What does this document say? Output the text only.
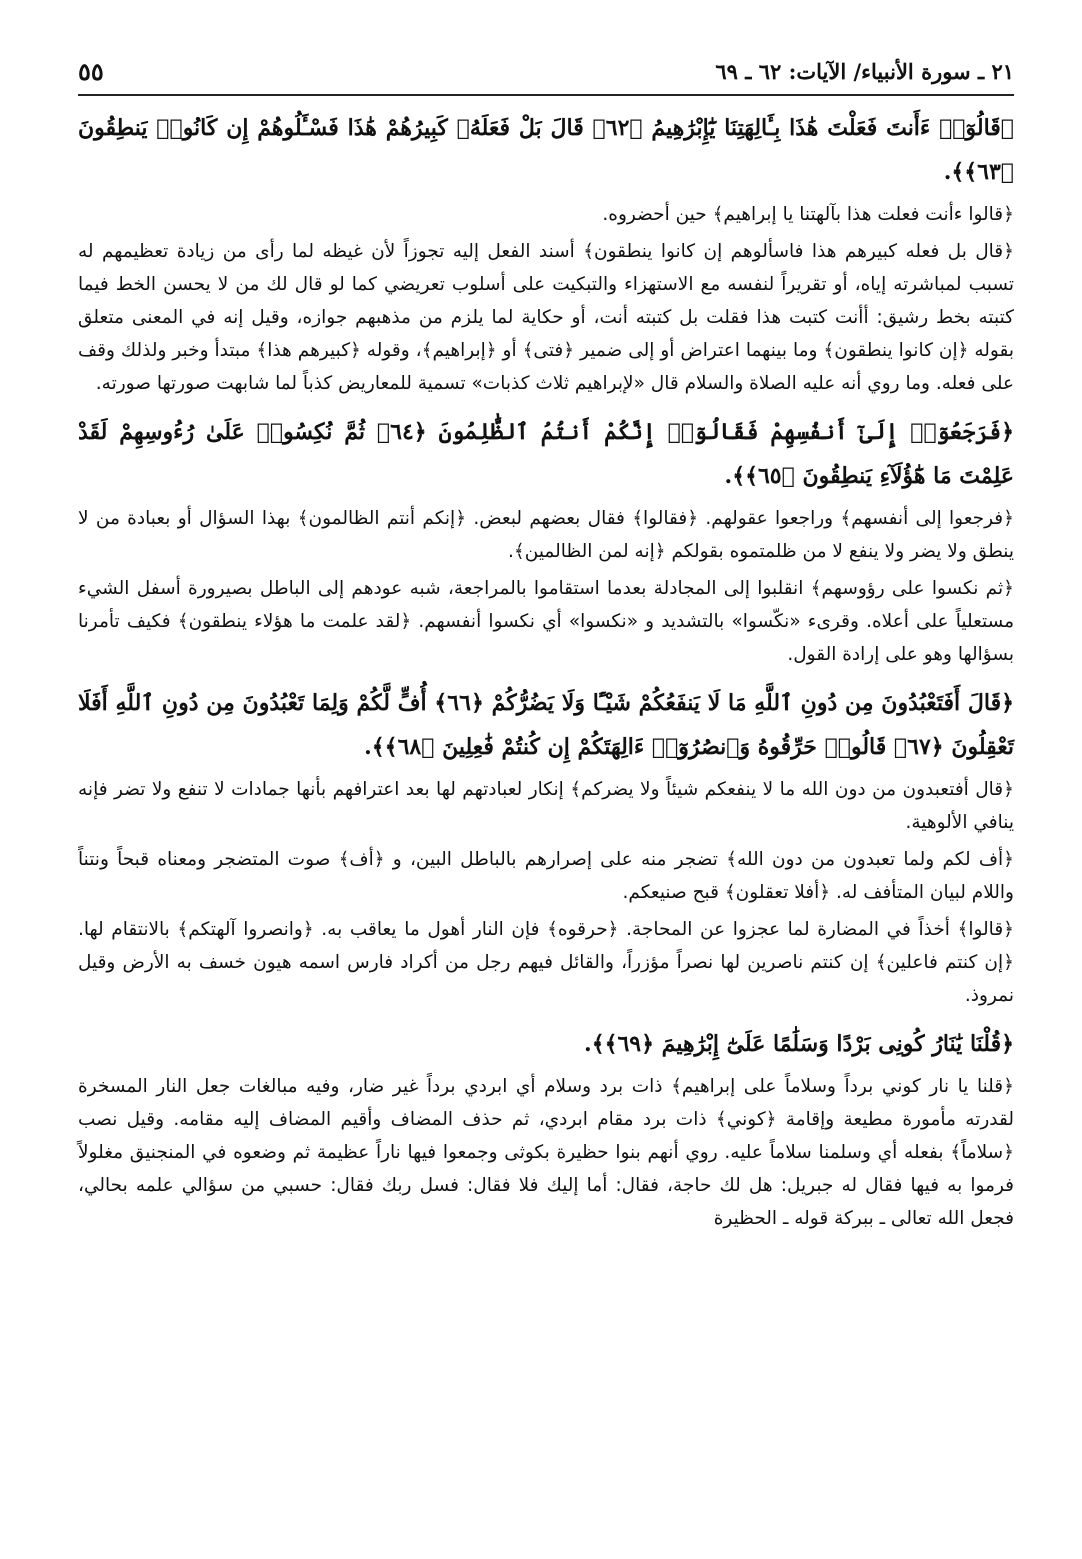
٢١ ـ سورة الأنبياء/ الآيات: ٦٢ ـ ٦٩
٥٥

﴿قَالُوٓا۟ ءَأَنتَ فَعَلْتَ هَٰذَا بِـَٔالِهَتِنَا يَٰٓإِبْرَٰهِيمُ ﴿٦٢﴾ قَالَ بَلْ فَعَلَهُۥ كَبِيرُهُمْ هَٰذَا فَسْـَٔلُوهُمْ إِن كَانُوا۟ يَنطِقُونَ ﴿٦٣﴾﴾.

﴿قالوا ءأنت فعلت هذا بآلهتنا يا إبراهيم﴾ حين أحضروه.

﴿قال بل فعله كبيرهم هذا فاسألوهم إن كانوا ينطقون﴾ أسند الفعل إليه تجوزاً لأن غيظه لما رأى من زيادة تعظيمهم له تسبب لمباشرته إياه، أو تقريراً لنفسه مع الاستهزاء والتبكيت على أسلوب تعريضي كما لو قال لك من لا يحسن الخط فيما كتبته بخط رشيق: أأنت كتبت هذا فقلت بل كتبته أنت، أو حكاية لما يلزم من مذهبهم جوازه، وقيل إنه في المعنى متعلق بقوله ﴿إن كانوا ينطقون﴾ وما بينهما اعتراض أو إلى ضمير ﴿فتى﴾ أو ﴿إبراهيم﴾، وقوله ﴿كبيرهم هذا﴾ مبتدأ وخبر ولذلك وقف على فعله. وما روي أنه عليه الصلاة والسلام قال «لإبراهيم ثلاث كذبات» تسمية للمعاريض كذباً لما شابهت صورتها صورته.

﴿فَرَجَعُوٓا۟ إِلَىٰٓ أَنفُسِهِمْ فَقَالُوٓا۟ إِنَّكُمْ أَنتُمُ ٱلظَّٰلِمُونَ ﴿٦٤﴾ ثُمَّ نُكِسُوا۟ عَلَىٰ رُءُوسِهِمْ لَقَدْ عَلِمْتَ مَا هَٰٓؤُلَآءِ يَنطِقُونَ ﴿٦٥﴾﴾.

﴿فرجعوا إلى أنفسهم﴾ وراجعوا عقولهم. ﴿فقالوا﴾ فقال بعضهم لبعض. ﴿إنكم أنتم الظالمون﴾ بهذا السؤال أو بعبادة من لا ينطق ولا يضر ولا ينفع لا من ظلمتموه بقولكم ﴿إنه لمن الظالمين﴾.

﴿ثم نكسوا على رؤوسهم﴾ انقلبوا إلى المجادلة بعدما استقاموا بالمراجعة، شبه عودهم إلى الباطل بصيرورة أسفل الشيء مستعلياً على أعلاه. وقرىء «نكّسوا» بالتشديد و «نكسوا» أي نكسوا أنفسهم. ﴿لقد علمت ما هؤلاء ينطقون﴾ فكيف تأمرنا بسؤالها وهو على إرادة القول.

﴿قَالَ أَفَتَعْبُدُونَ مِن دُونِ ٱللَّهِ مَا لَا يَنفَعُكُمْ شَيْـًٔا وَلَا يَضُرُّكُمْ ﴿٦٦﴾ أُفٍّ لَّكُمْ وَلِمَا تَعْبُدُونَ مِن دُونِ ٱللَّهِ أَفَلَا تَعْقِلُونَ ﴿٦٧﴾ قَالُوا۟ حَرِّقُوهُ وَٱنصُرُوٓا۟ ءَالِهَتَكُمْ إِن كُنتُمْ فَٰعِلِينَ ﴿٦٨﴾﴾.

﴿قال أفتعبدون من دون الله ما لا ينفعكم شيئاً ولا يضركم﴾ إنكار لعبادتهم لها بعد اعترافهم بأنها جمادات لا تنفع ولا تضر فإنه ينافي الألوهية.

﴿أف لكم ولما تعبدون من دون الله﴾ تضجر منه على إصرارهم بالباطل البين، و ﴿أف﴾ صوت المتضجر ومعناه قبحاً ونتناً واللام لبيان المتأفف له. ﴿أفلا تعقلون﴾ قبح صنيعكم.

﴿قالوا﴾ أخذاً في المضارة لما عجزوا عن المحاجة. ﴿حرقوه﴾ فإن النار أهول ما يعاقب به. ﴿وانصروا آلهتكم﴾ بالانتقام لها. ﴿إن كنتم فاعلين﴾ إن كنتم ناصرين لها نصراً مؤزراً، والقائل فيهم رجل من أكراد فارس اسمه هيون خسف به الأرض وقيل نمروذ.

﴿قُلْنَا يَٰنَارُ كُونِى بَرْدًا وَسَلَٰمًا عَلَىٰٓ إِبْرَٰهِيمَ ﴿٦٩﴾﴾.

﴿قلنا يا نار كوني برداً وسلاماً على إبراهيم﴾ ذات برد وسلام أي ابردي برداً غير ضار، وفيه مبالغات جعل النار المسخرة لقدرته مأمورة مطيعة وإقامة ﴿كوني﴾ ذات برد مقام ابردي، ثم حذف المضاف وأقيم المضاف إليه مقامه. وقيل نصب ﴿سلاماً﴾ بفعله أي وسلمنا سلاماً عليه. روي أنهم بنوا حظيرة بكوثى وجمعوا فيها ناراً عظيمة ثم وضعوه في المنجنيق مغلولاً فرموا به فيها فقال له جبريل: هل لك حاجة، فقال: أما إليك فلا فقال: فسل ربك فقال: حسبي من سؤالي علمه بحالي، فجعل الله تعالى ـ ببركة قوله ـ الحظيرة
